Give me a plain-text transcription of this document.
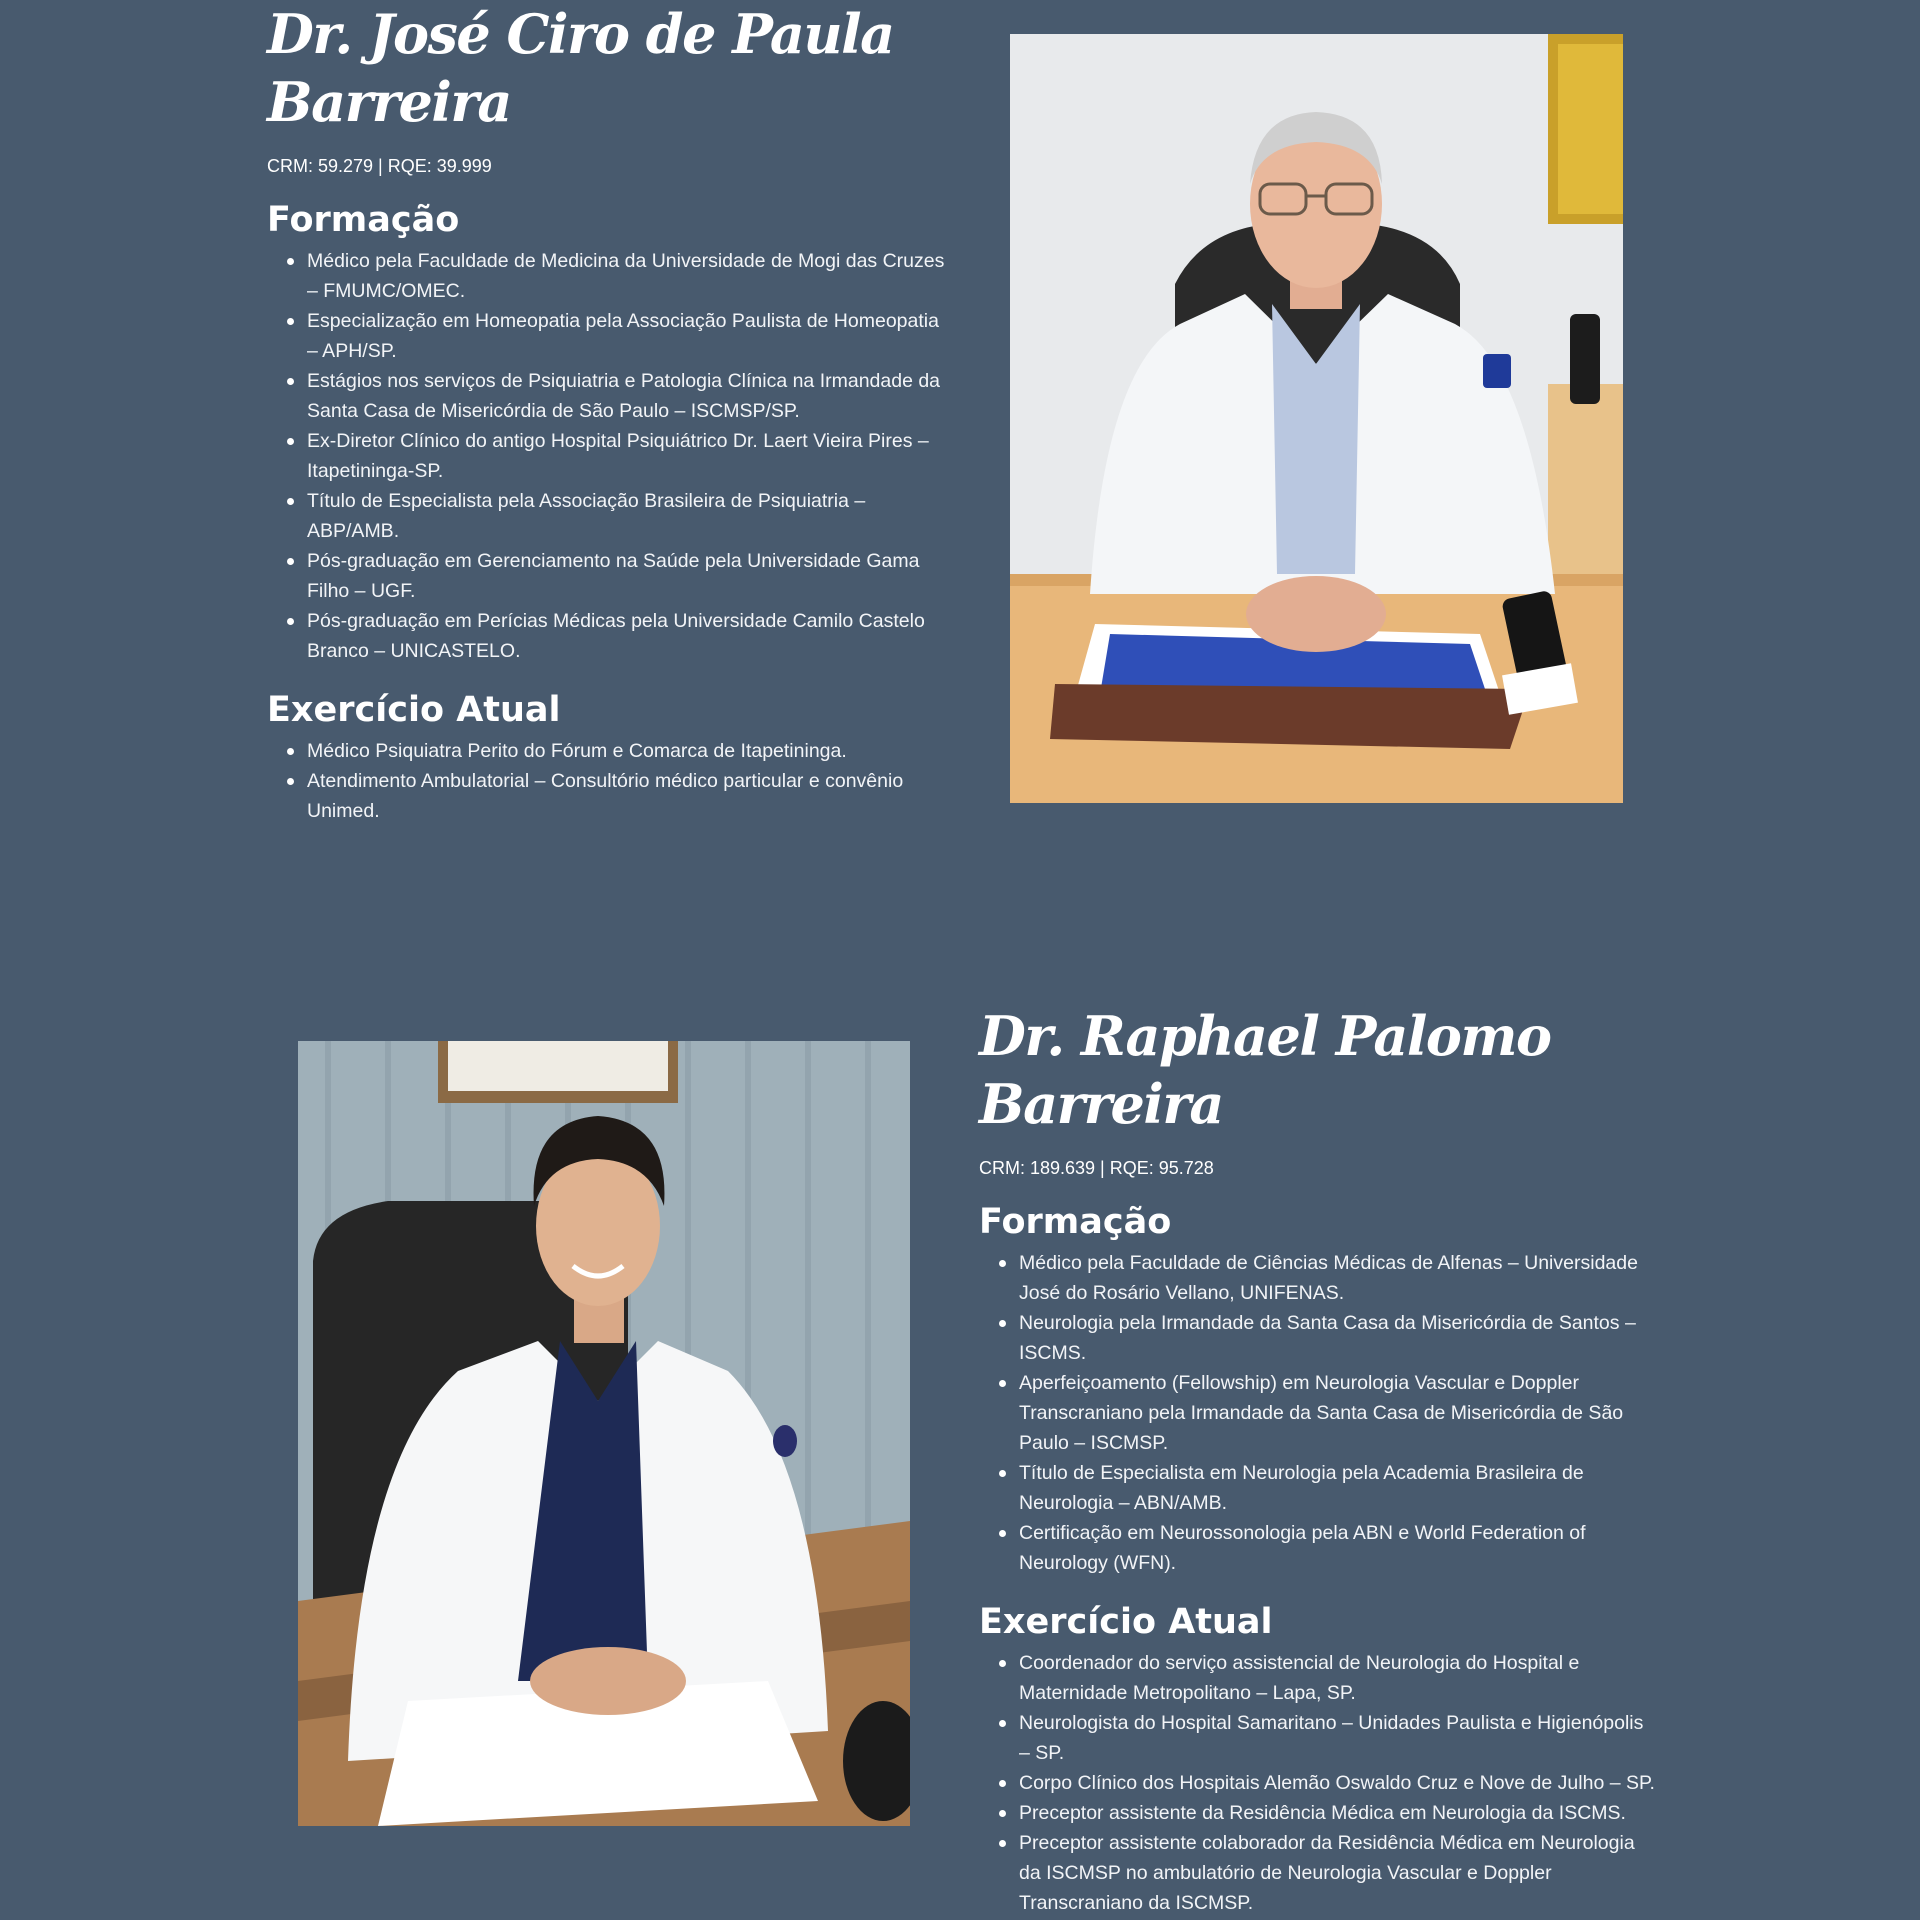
Dr. José Ciro de Paula
Barreira

CRM: 59.279 | RQE: 39.999

Formação
Médico pela Faculdade de Medicina da Universidade de Mogi das Cruzes – FMUMC/OMEC.
Especialização em Homeopatia pela Associação Paulista de Homeopatia – APH/SP.
Estágios nos serviços de Psiquiatria e Patologia Clínica na Irmandade da Santa Casa de Misericórdia de São Paulo – ISCMSP/SP.
Ex-Diretor Clínico do antigo Hospital Psiquiátrico Dr. Laert Vieira Pires – Itapetininga-SP.
Título de Especialista pela Associação Brasileira de Psiquiatria – ABP/AMB.
Pós-graduação em Gerenciamento na Saúde pela Universidade Gama Filho – UGF.
Pós-graduação em Perícias Médicas pela Universidade Camilo Castelo Branco – UNICASTELO.
Exercício Atual
Médico Psiquiatra Perito do Fórum e Comarca de Itapetininga.
Atendimento Ambulatorial – Consultório médico particular e convênio Unimed.
Dr. Raphael Palomo Barreira

CRM: 189.639 | RQE: 95.728

Formação
Médico pela Faculdade de Ciências Médicas de Alfenas – Universidade José do Rosário Vellano, UNIFENAS.
Neurologia pela Irmandade da Santa Casa da Misericórdia de Santos – ISCMS.
Aperfeiçoamento (Fellowship) em Neurologia Vascular e Doppler Transcraniano pela Irmandade da Santa Casa de Misericórdia de São Paulo – ISCMSP.
Título de Especialista em Neurologia pela Academia Brasileira de Neurologia – ABN/AMB.
Certificação em Neurossonologia pela ABN e World Federation of Neurology (WFN).
Exercício Atual
Coordenador do serviço assistencial de Neurologia do Hospital e Maternidade Metropolitano – Lapa, SP.
Neurologista do Hospital Samaritano – Unidades Paulista e Higienópolis – SP.
Corpo Clínico dos Hospitais Alemão Oswaldo Cruz e Nove de Julho – SP.
Preceptor assistente da Residência Médica em Neurologia da ISCMS.
Preceptor assistente colaborador da Residência Médica em Neurologia da ISCMSP no ambulatório de Neurologia Vascular e Doppler Transcraniano da ISCMSP.
